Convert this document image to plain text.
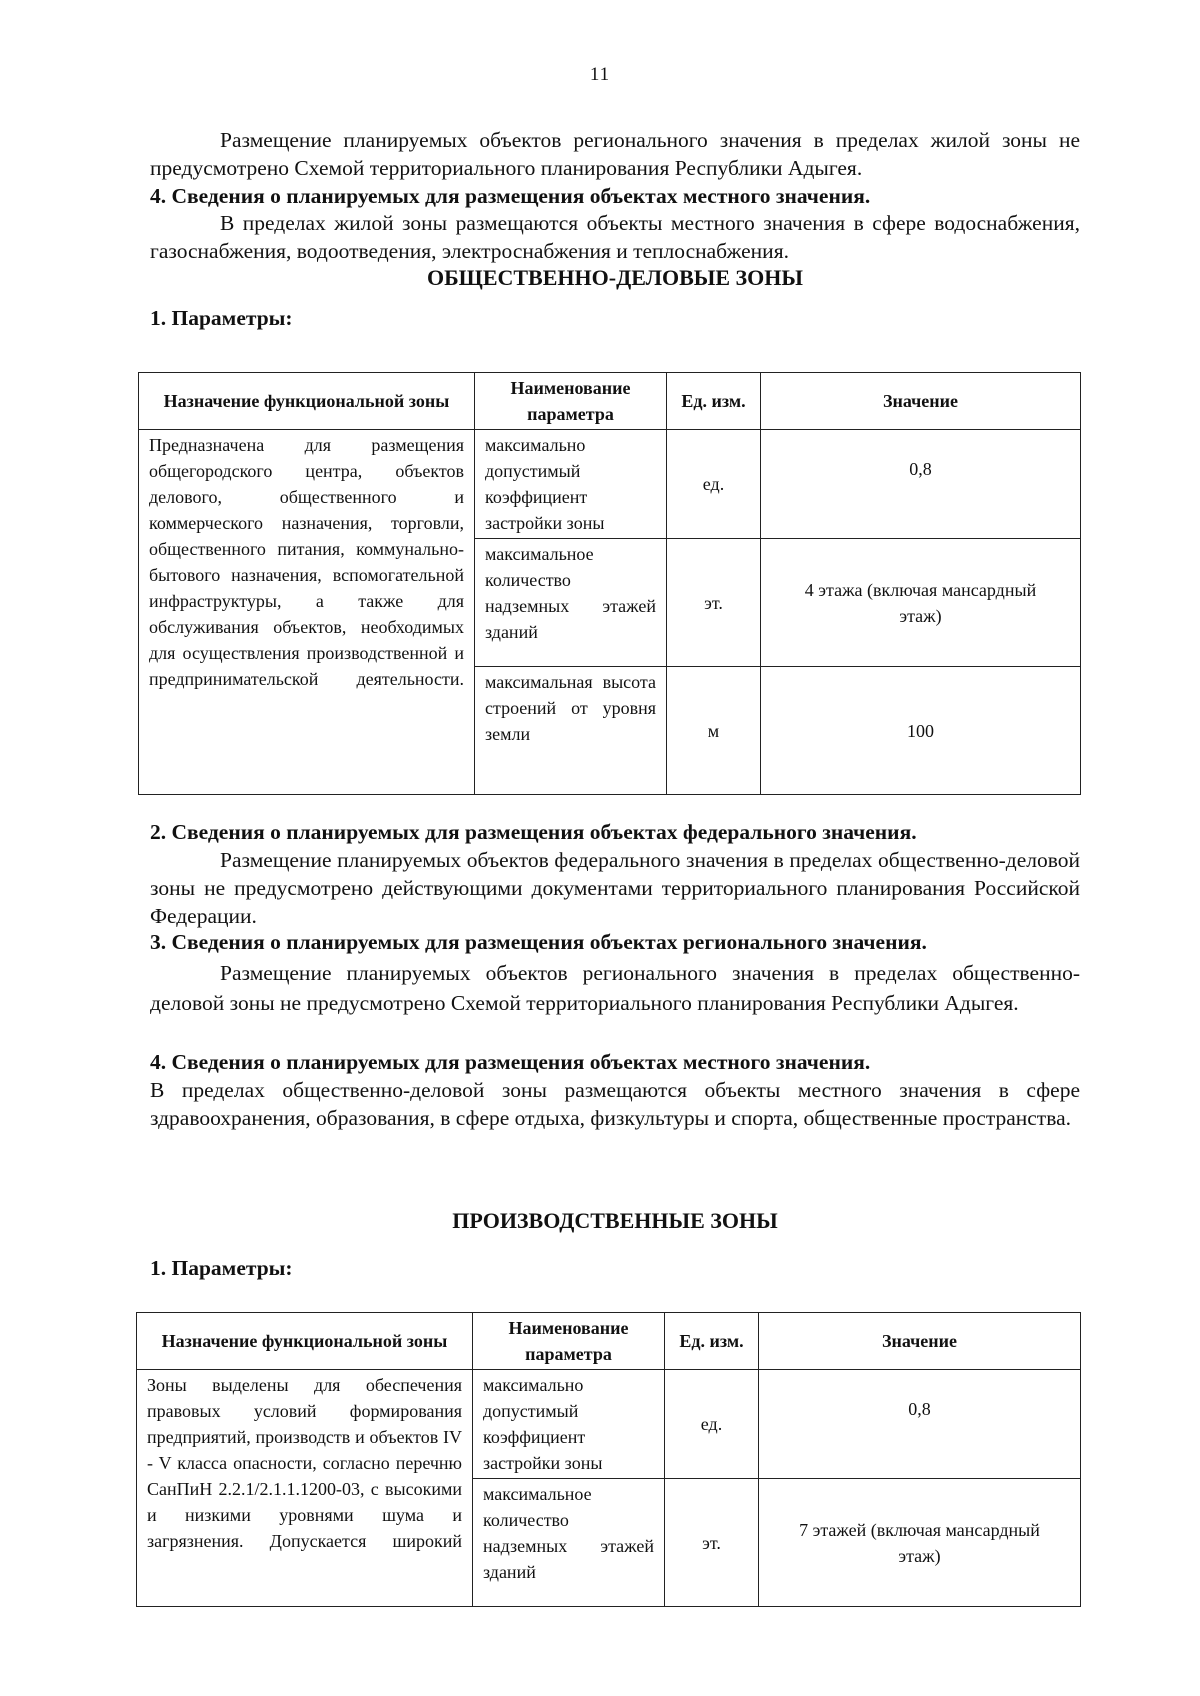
11
Размещение планируемых объектов регионального значения в пределах жилой зоны не предусмотрено Схемой территориального планирования Республики Адыгея.
4. Сведения о планируемых для размещения объектах местного значения.
В пределах жилой зоны размещаются объекты местного значения в сфере водоснабжения, газоснабжения, водоотведения, электроснабжения и теплоснабжения.
ОБЩЕСТВЕННО-ДЕЛОВЫЕ ЗОНЫ
1. Параметры:
Назначение функциональной зоны	Наименование параметра	Ед. изм.	Значение
Предназначена для размещения общегородского центра, объектов делового, общественного и коммерческого назначения, торговли, общественного питания, коммунально-бытового назначения, вспомогательной инфраструктуры, а также для обслуживания объектов, необходимых для осуществления производственной и предпринимательской деятельности.	максимально допустимый коэффициент застройки зоны	ед.	0,8
	максимальное количество надземных этажей зданий	эт.	4 этажа (включая мансардный этаж)
	максимальная высота строений от уровня земли	м	100
2. Сведения о планируемых для размещения объектах федерального значения.
Размещение планируемых объектов федерального значения в пределах общественно-деловой зоны не предусмотрено действующими документами территориального планирования Российской Федерации.
3. Сведения о планируемых для размещения объектах регионального значения.
Размещение планируемых объектов регионального значения в пределах общественно- деловой зоны не предусмотрено Схемой территориального планирования Республики Адыгея.
4. Сведения о планируемых для размещения объектах местного значения.
В пределах общественно-деловой зоны размещаются объекты местного значения в сфере здравоохранения, образования, в сфере отдыха, физкультуры и спорта, общественные пространства.
ПРОИЗВОДСТВЕННЫЕ ЗОНЫ
1. Параметры:
Назначение функциональной зоны	Наименование параметра	Ед. изм.	Значение
Зоны выделены для обеспечения правовых условий формирования предприятий, производств и объектов IV - V класса опасности, согласно перечню СанПиН 2.2.1/2.1.1.1200-03, с высокими и низкими уровнями шума и загрязнения. Допускается широкий	максимально допустимый коэффициент застройки зоны	ед.	0,8
	максимальное количество надземных этажей зданий	эт.	7 этажей (включая мансардный этаж)
